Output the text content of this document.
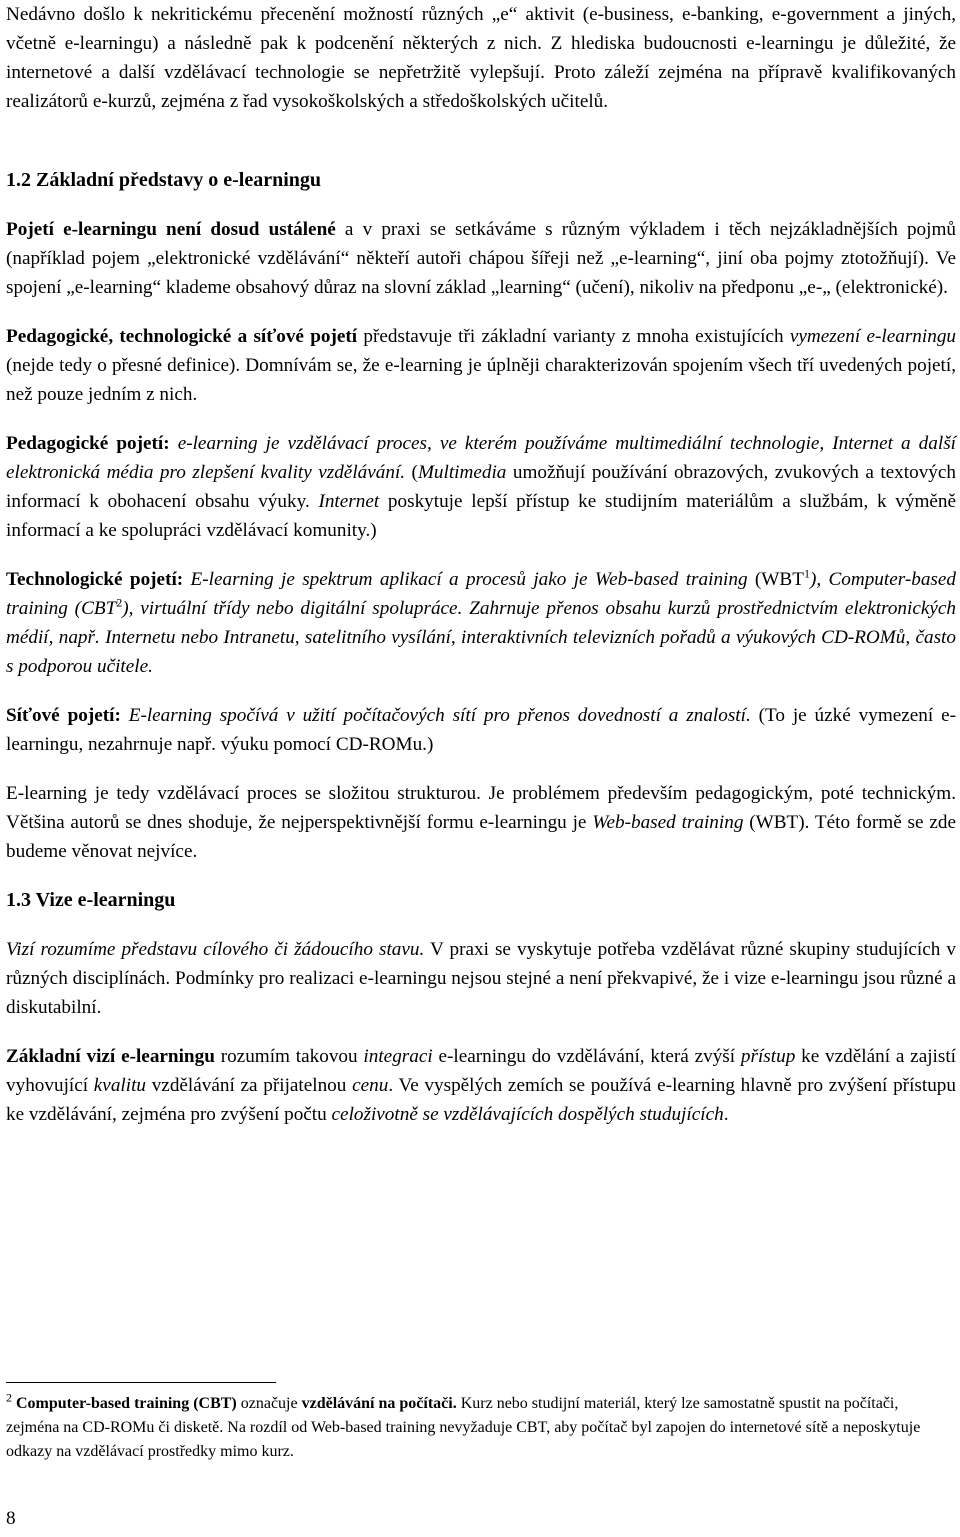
Nedávno došlo k nekritickému přecenění možností různých „e“ aktivit (e-business, e-banking, e-government a jiných, včetně e-learningu) a následně pak k podcenění některých z nich. Z hlediska budoucnosti e-learningu je důležité, že internetové a další vzdělávací technologie se nepřetržitě vylepšují. Proto záleží zejména na přípravě kvalifikovaných realizátorů e-kurzů, zejména z řad vysokoškolských a středoškolských učitelů.

1.2 Základní představy o e-learningu

Pojetí e-learningu není dosud ustálené a v praxi se setkáváme s různým výkladem i těch nejzákladnějších pojmů (například pojem „elektronické vzdělávání“ někteří autoři chápou šířeji než „e-learning“, jiní oba pojmy ztotožňují). Ve spojení „e-learning“ klademe obsahový důraz na slovní základ „learning“ (učení), nikoliv na předponu „e-„ (elektronické).

Pedagogické, technologické a síťové pojetí představuje tři základní varianty z mnoha existujících vymezení e-learningu (nejde tedy o přesné definice). Domnívám se, že e-learning je úplněji charakterizován spojením všech tří uvedených pojetí, než pouze jedním z nich.

Pedagogické pojetí: e-learning je vzdělávací proces, ve kterém používáme multimediální technologie, Internet a další elektronická média pro zlepšení kvality vzdělávání. (Multimedia umožňují používání obrazových, zvukových a textových informací k obohacení obsahu výuky. Internet poskytuje lepší přístup ke studijním materiálům a službám, k výměně informací a ke spolupráci vzdělávací komunity.)

Technologické pojetí: E-learning je spektrum aplikací a procesů jako je Web-based training (WBT$^1$), Computer-based training (CBT$^2$), virtuální třídy nebo digitální spolupráce. Zahrnuje přenos obsahu kurzů prostřednictvím elektronických médií, např. Internetu nebo Intranetu, satelitního vysílání, interaktivních televizních pořadů a výukových CD-ROMů, často s podporou učitele.

Síťové pojetí: E-learning spočívá v užití počítačových sítí pro přenos dovedností a znalostí. (To je úzké vymezení e-learningu, nezahrnuje např. výuku pomocí CD-ROMu.)

E-learning je tedy vzdělávací proces se složitou strukturou. Je problémem především pedagogickým, poté technickým. Většina autorů se dnes shoduje, že nejperspektivnější formu e-learningu je Web-based training (WBT). Této formě se zde budeme věnovat nejvíce.

1.3 Vize e-learningu

Vizí rozumíme představu cílového či žádoucího stavu. V praxi se vyskytuje potřeba vzdělávat různé skupiny studujících v různých disciplínách. Podmínky pro realizaci e-learningu nejsou stejné a není překvapivé, že i vize e-learningu jsou různé a diskutabilní.

Základní vizí e-learningu rozumím takovou integraci e-learningu do vzdělávání, která zvýší přístup ke vzdělání a zajistí vyhovující kvalitu vzdělávání za přijatelnou cenu. Ve vyspělých zemích se používá e-learning hlavně pro zvýšení přístupu ke vzdělávání, zejména pro zvýšení počtu celoživotně se vzdělávajících dospělých studujících.

$^2$ Computer-based training (CBT) označuje vzdělávání na počítači. Kurz nebo studijní materiál, který lze samostatně spustit na počítači, zejména na CD-ROMu či disketě. Na rozdíl od Web-based training nevyžaduje CBT, aby počítač byl zapojen do internetové sítě a neposkytuje odkazy na vzdělávací prostředky mimo kurz.

8
